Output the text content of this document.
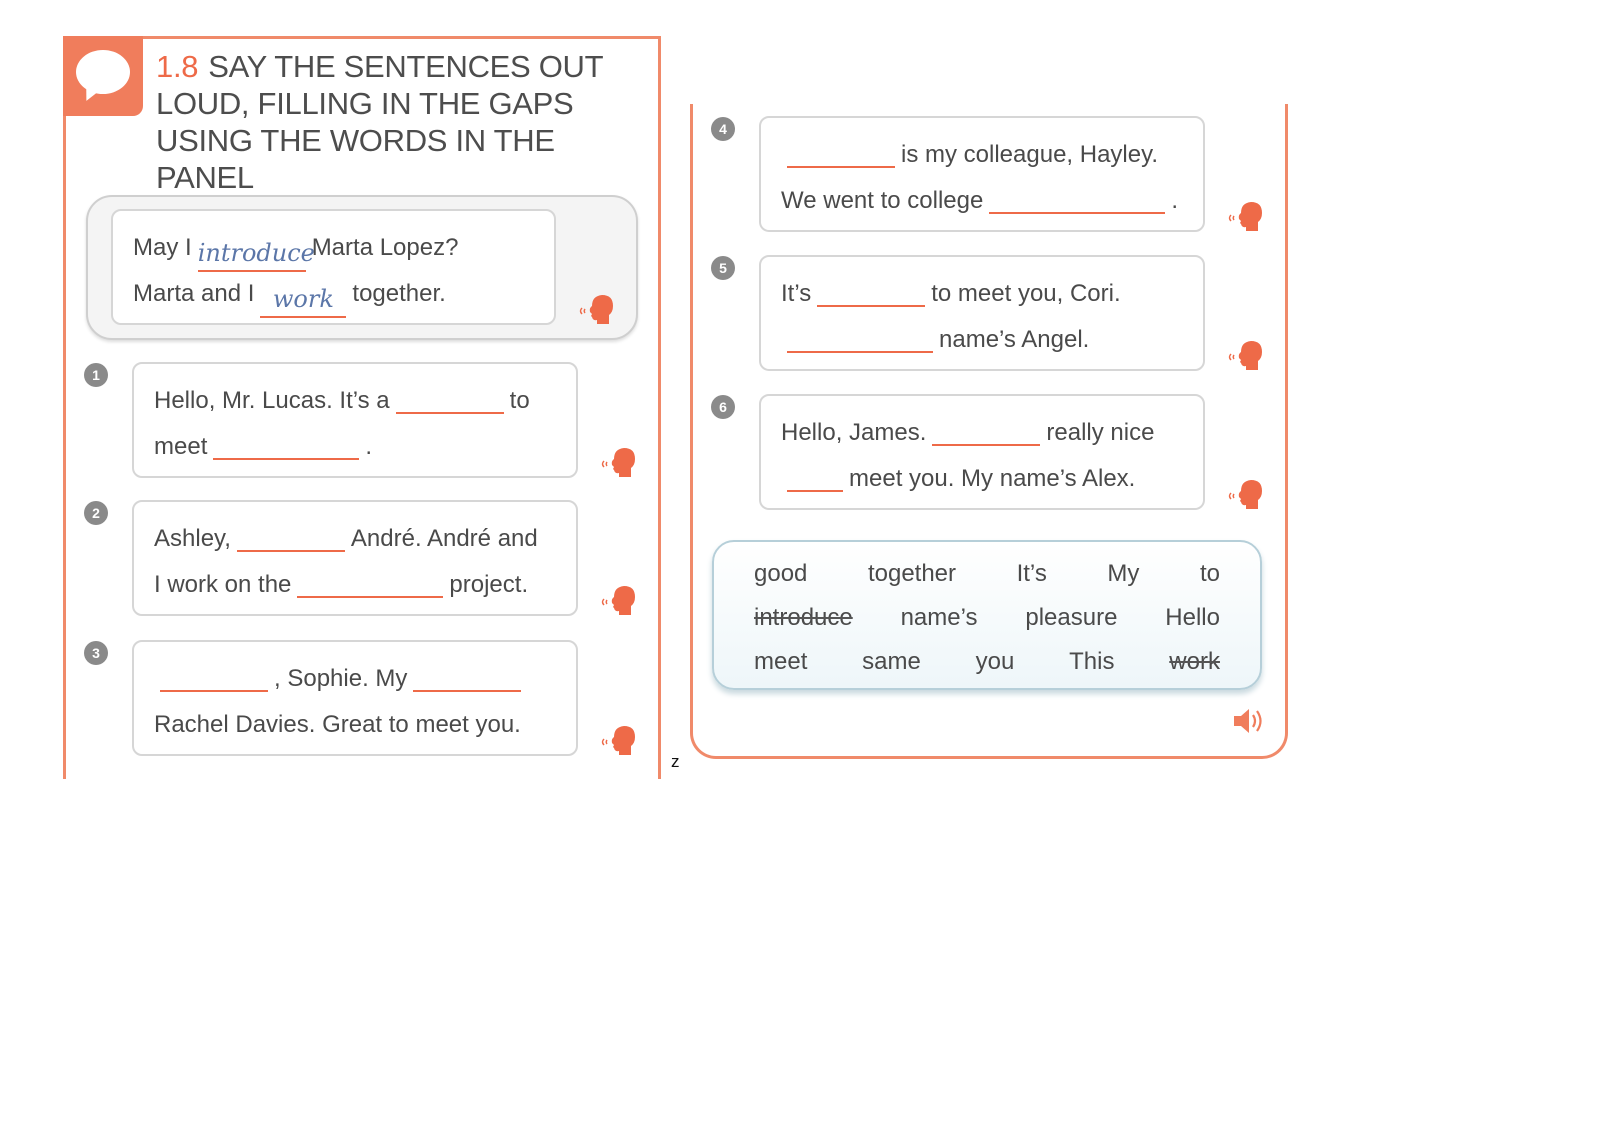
1.8 SAY THE SENTENCES OUT LOUD, FILLING IN THE GAPS USING THE WORDS IN THE PANEL
May I introduceMarta Lopez?
Marta and I work together.
1
Hello, Mr. Lucas. It’s a	to
meet	.
2
Ashley,	André. André and
I work on the	project.
3
, Sophie. My
Rachel Davies. Great to meet you.
4
is my colleague, Hayley.
We went to college	.
5
It’s	to meet you, Cori.
name’s Angel.
6
Hello, James.	really nice
meet you. My name’s Alex.
good	together	It’s	My	to
introduce name’s pleasure Hello
meet same you This work
z
